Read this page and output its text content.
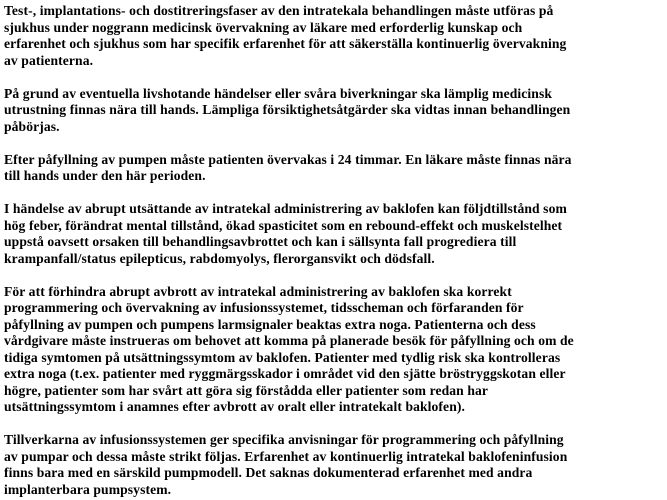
Test-, implantations- och dostitreringsfaser av den intratekala behandlingen måste utföras på
sjukhus under noggrann medicinsk övervakning av läkare med erforderlig kunskap och
erfarenhet och sjukhus som har specifik erfarenhet för att säkerställa kontinuerlig övervakning
av patienterna.
På grund av eventuella livshotande händelser eller svåra biverkningar ska lämplig medicinsk
utrustning finnas nära till hands. Lämpliga försiktighetsåtgärder ska vidtas innan behandlingen
påbörjas.
Efter påfyllning av pumpen måste patienten övervakas i 24 timmar. En läkare måste finnas nära
till hands under den här perioden.
I händelse av abrupt utsättande av intratekal administrering av baklofen kan följdtillstånd som
hög feber, förändrat mental tillstånd, ökad spasticitet som en rebound-effekt och muskelstelhet
uppstå oavsett orsaken till behandlingsavbrottet och kan i sällsynta fall progrediera till
krampanfall/status epilepticus, rabdomyolys, flerorgansvikt och dödsfall.
För att förhindra abrupt avbrott av intratekal administrering av baklofen ska korrekt
programmering och övervakning av infusionssystemet, tidsscheman och förfaranden för
påfyllning av pumpen och pumpens larmsignaler beaktas extra noga. Patienterna och dess
vårdgivare måste instrueras om behovet att komma på planerade besök för påfyllning och om de
tidiga symtomen på utsättningssymtom av baklofen. Patienter med tydlig risk ska kontrolleras
extra noga (t.ex. patienter med ryggmärgsskador i området vid den sjätte bröstryggskotan eller
högre, patienter som har svårt att göra sig förstådda eller patienter som redan har
utsättningssymtom i anamnes efter avbrott av oralt eller intratekalt baklofen).
Tillverkarna av infusionssystemen ger specifika anvisningar för programmering och påfyllning
av pumpar och dessa måste strikt följas. Erfarenhet av kontinuerlig intratekal baklofeninfusion
finns bara med en särskild pumpmodell. Det saknas dokumenterad erfarenhet med andra
implanterbara pumpsystem.
